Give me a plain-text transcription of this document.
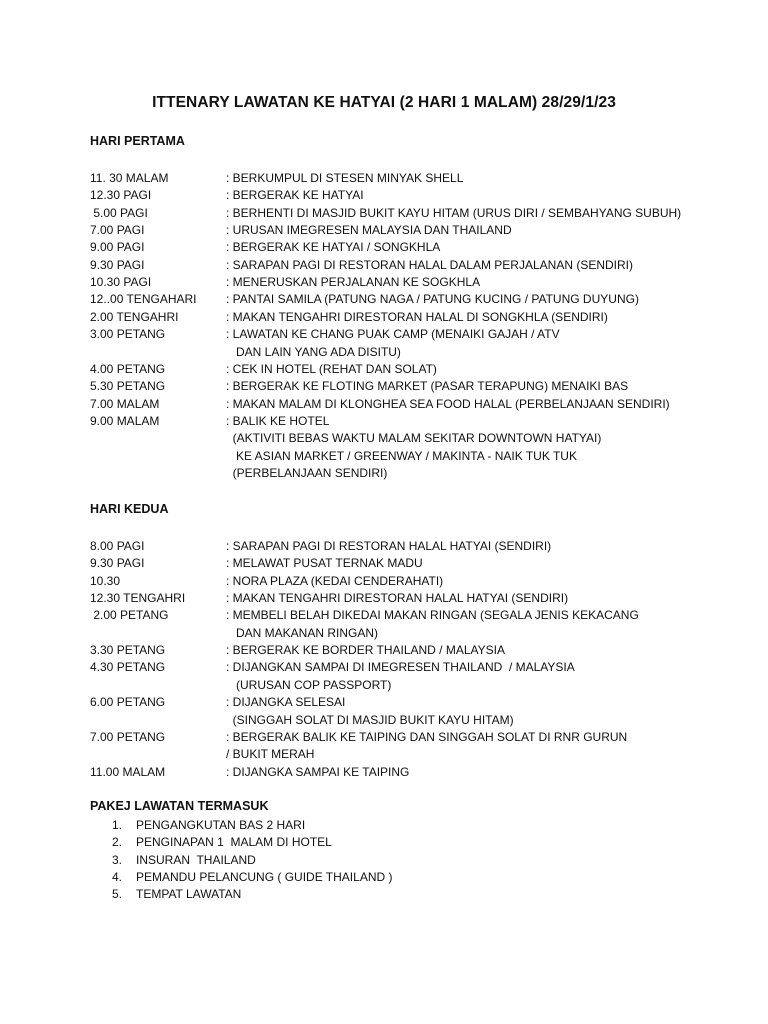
ITTENARY LAWATAN KE HATYAI (2 HARI 1 MALAM) 28/29/1/23
HARI PERTAMA
11. 30 MALAM	: BERKUMPUL DI STESEN MINYAK SHELL
12.30 PAGI	: BERGERAK KE HATYAI
5.00 PAGI	: BERHENTI DI MASJID BUKIT KAYU HITAM (URUS DIRI / SEMBAHYANG SUBUH)
7.00 PAGI	: URUSAN IMEGRESEN MALAYSIA DAN THAILAND
9.00 PAGI	: BERGERAK KE HATYAI / SONGKHLA
9.30 PAGI	: SARAPAN PAGI DI RESTORAN HALAL DALAM PERJALANAN (SENDIRI)
10.30 PAGI	: MENERUSKAN PERJALANAN KE SOGKHLA
12..00 TENGAHARI : PANTAI SAMILA (PATUNG NAGA / PATUNG KUCING / PATUNG DUYUNG)
2.00 TENGAHRI	: MAKAN TENGAHRI DIRESTORAN HALAL DI SONGKHLA (SENDIRI)
3.00 PETANG	: LAWATAN KE CHANG PUAK CAMP (MENAIKI GAJAH / ATV
DAN LAIN YANG ADA DISITU)
4.00 PETANG	: CEK IN HOTEL (REHAT DAN SOLAT)
5.30 PETANG	: BERGERAK KE FLOTING MARKET (PASAR TERAPUNG) MENAIKI BAS
7.00 MALAM	: MAKAN MALAM DI KLONGHEA SEA FOOD HALAL (PERBELANJAAN SENDIRI)
9.00 MALAM	: BALIK KE HOTEL
(AKTIVITI BEBAS WAKTU MALAM SEKITAR DOWNTOWN HATYAI)
KE ASIAN MARKET / GREENWAY / MAKINTA - NAIK TUK TUK
(PERBELANJAAN SENDIRI)
HARI KEDUA
8.00 PAGI	: SARAPAN PAGI DI RESTORAN HALAL HATYAI (SENDIRI)
9.30 PAGI	: MELAWAT PUSAT TERNAK MADU
10.30	: NORA PLAZA (KEDAI CENDERAHATI)
12.30 TENGAHRI	: MAKAN TENGAHRI DIRESTORAN HALAL HATYAI (SENDIRI)
2.00 PETANG	: MEMBELI BELAH DIKEDAI MAKAN RINGAN (SEGALA JENIS KEKACANG
DAN MAKANAN RINGAN)
3.30 PETANG	: BERGERAK KE BORDER THAILAND / MALAYSIA
4.30 PETANG	: DIJANGKAN SAMPAI DI IMEGRESEN THAILAND  / MALAYSIA
(URUSAN COP PASSPORT)
6.00 PETANG	: DIJANGKA SELESAI
(SINGGAH SOLAT DI MASJID BUKIT KAYU HITAM)
7.00 PETANG	: BERGERAK BALIK KE TAIPING DAN SINGGAH SOLAT DI RNR GURUN
/ BUKIT MERAH
11.00 MALAM	: DIJANGKA SAMPAI KE TAIPING
PAKEJ LAWATAN TERMASUK
1. PENGANGKUTAN BAS 2 HARI
2. PENGINAPAN 1  MALAM DI HOTEL
3. INSURAN  THAILAND
4. PEMANDU PELANCUNG ( GUIDE THAILAND )
5. TEMPAT LAWATAN
